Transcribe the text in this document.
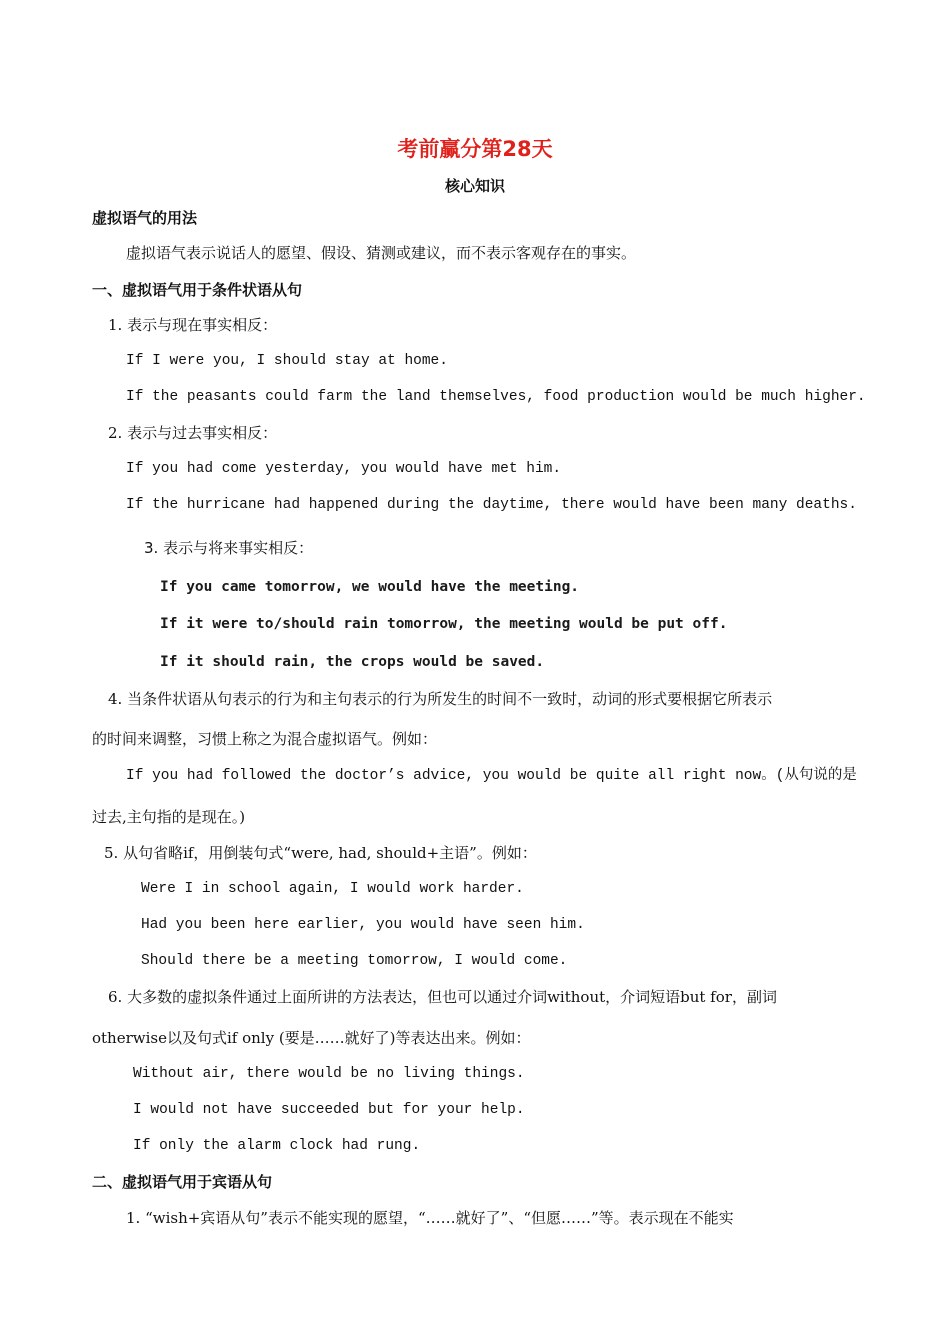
考前赢分第28天
核心知识
虚拟语气的用法
虚拟语气表示说话人的愿望、假设、猜测或建议，而不表示客观存在的事实。
一、虚拟语气用于条件状语从句
1. 表示与现在事实相反：
If I were you, I should stay at home.
If the peasants could farm the land themselves, food production would be much higher.
2. 表示与过去事实相反：
If you had come yesterday, you would have met him.
If the hurricane had happened during the daytime, there would have been many deaths.
3. 表示与将来事实相反：
If you came tomorrow, we would have the meeting.
If it were to/should rain tomorrow, the meeting would be put off.
If it should rain, the crops would be saved.
4. 当条件状语从句表示的行为和主句表示的行为所发生的时间不一致时，动词的形式要根据它所表示
的时间来调整，习惯上称之为混合虚拟语气。例如：
If you had followed the doctor’s advice, you would be quite all right now。(从句说的是
过去,主句指的是现在。)
5. 从句省略if，用倒装句式“were, had, should+主语”。例如：
Were I in school again, I would work harder.
Had you been here earlier, you would have seen him.
Should there be a meeting tomorrow, I would come.
6. 大多数的虚拟条件通过上面所讲的方法表达，但也可以通过介词without，介词短语but for，副词
otherwise以及句式if only (要是……就好了)等表达出来。例如：
Without air, there would be no living things.
I would not have succeeded but for your help.
If only the alarm clock had rung.
二、虚拟语气用于宾语从句
1. “wish+宾语从句”表示不能实现的愿望，“……就好了”、“但愿……”等。表示现在不能实
